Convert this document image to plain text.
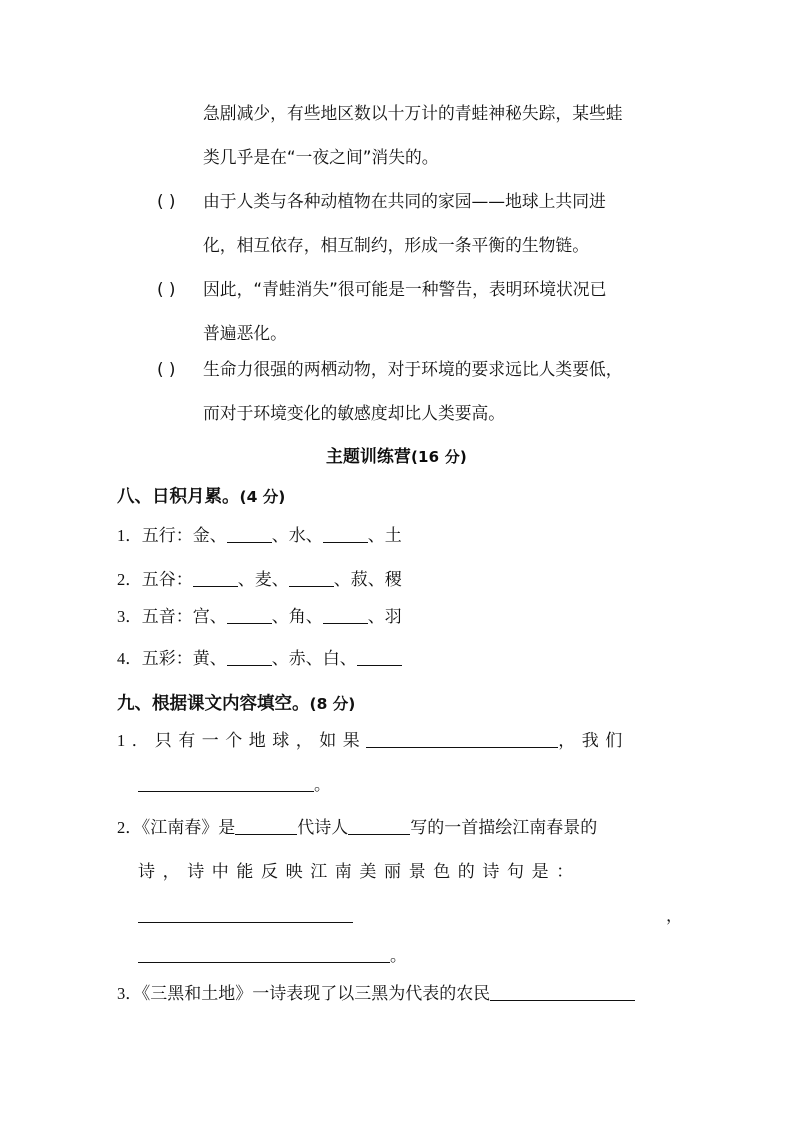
急剧减少，有些地区数以十万计的青蛙神秘失踪，某些蛙
类几乎是在“一夜之间”消失的。
( ) 由于人类与各种动植物在共同的家园——地球上共同进
化，相互依存，相互制约，形成一条平衡的生物链。
( ) 因此，“青蛙消失”很可能是一种警告，表明环境状况已
普遍恶化。
( ) 生命力很强的两栖动物，对于环境的要求远比人类要低，
而对于环境变化的敏感度却比人类要高。
主题训练营(16 分)
八、日积月累。(4 分)
1．五行：金、	、水、	、土
2．五谷：	、麦、	、菽、稷
3．五音：宫、	、角、	、羽
4．五彩：黄、	、赤、白、
九、根据课文内容填空。(8 分)
1．只有一个地球，如果	，我们
。
2．《江南春》是	代诗人	写的一首描绘江南春景的
诗，诗中能反映江南美丽景色的诗句是：
，
。
3．《三黑和土地》一诗表现了以三黑为代表的农民
